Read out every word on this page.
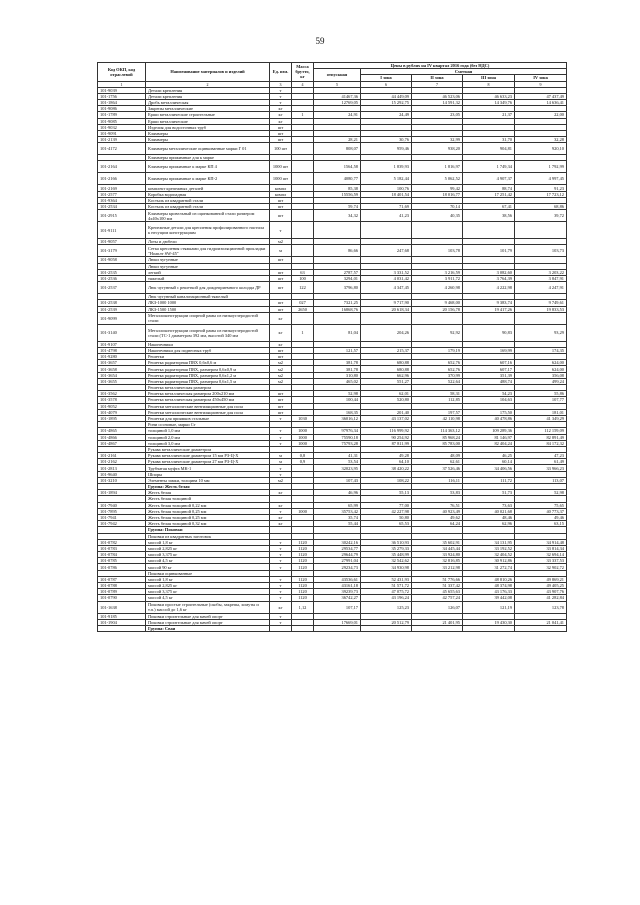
59
Код ОКП, код отраслевой	Наименование материалов и изделий	Ед. изм.	Масса брутто, кг	Цены в рублях на IV квартал 2016 года (без НДС)				
				отпускная	Сметная			
					I зона	II зона	III зона	IV зона
1	2	3	4	5	6	7	8	9
101-9039	Детали крепления	т						
101-1756	Детали крепления	т		41467,36	44 449,09	46 523,06	46 633,23	47 437,49
101-1864	Дробь металлическая	т		12769,05	15 292,75	14 591,32	14 349,76	14 636,41
101-9086	Закрепы металлические	кг						
101-1789	Ерши металлические строительные	кг	1	24,91	24,49	23,05	21,37	22,00
101-9085	Ерши металлические	кг						
101-9032	Изделия для водосточных труб	шт						
101-9091	Кляммеры	шт						
101-2139	Кляммеры	шт		28,21	30,76	32,99	31,70	32,28
101-4172	Кляммеры металлические оцинкованные марки Г 01	100 шт		808,07	959,46	938,20	904,81	920,10
	Кляммеры прижимные для к марке							
101-2164	Кляммеры прижимные к марке КП 4	1000 шт		1564,58	1 839,93	1 816,97	1 749,34	1 792,99
101-2166	Кляммеры прижимные к марке КП-2	1000 шт		4080,77	5 182,44	5 062,52	4 907,37	4 997,45
101-2169	комплект крепежных деталей	компл		85,38	100,76	99,42	88,74	91,23
101-2577	Коробка водопадная	компл		15556,59	18 401,54	18 016,77	17 251,42	17 723,12
101-9364	Костыль из квадратной стали	шт						
101-2534	Костыль из квадратной стали	шт		59,74	71,69	70,14	67,41	68,86
101-2915	Кляммеры кровельный из оцинкованной стали размером 4x40x100 мм	шт		34,32	41,23	40,35	38,56	39,72
101-9111	Крепежные детали для крепления профилированного настила к несущим конструкциям	т						
101-9057	Лоты и дюбели	м2						
101-3179	Сетка крепления стяжками для гидроизоляционной прокладки "Ноаплт SW-45"	м		86,66	247,68	103,78	101,79	103,73
101-9058	Люки чугунные	шт						
	Люки чугунные							
101-2535	легкий	шт	63	2787,57	3 331,52	3 216,59	3 082,60	3 203,22
101-2536	тяжелый	шт	100	3294,01	4 031,42	3 911,72	3 764,39	3 847,91
101-2537	Люк чугунный с решеткой для дождеприемного колодца ДР	шт	122	3796,80	4 347,45	4 260,98	4 222,98	4 247,91
	Люк чугунный канализационный тяжелый							
101-2538	ЛКЗ-1000 1000	шт	027	7321,25	9 717,90	9 468,00	9 383,74	9 749,61
101-2539	ЛКЗ-1500 1500	шт	2650	16868,76	20 618,34	20 156,78	19 417,26	19 833,53
101-9099	Металлоконструкции опорной рамы из низкоуглеродистой стали	кг						
101-3140	Металлоконструкции опорной рамы из низкоуглеродистой стали (ТС-1 диаметром 392 мм, высотой 340 мм	кг	1	81,04	204,26	92,92	90,83	93,29
101-9107	Наконечники	кг						
101-4798	Наконечники для подвесных труб	шт		121,57	215,37	179,19	169,99	174,35
101-9280	Решетки	шт						
101-3657	Решетка радиаторная ПВХ 0,6х0,6 м	м2		381,78	680,88	652,76	607,16	624,00
101-3658	Решетка радиаторная ПВХ, размером 0,6х0,9 м	м2		381,78	680,88	652,76	607,17	624,00
101-3654	Решетка радиаторная ПВХ, размером 0,6х1,2 м	м2		310,80	662,96	370,99	351,39	356,08
101-3655	Решетка радиаторная ПВХ, размером 0,6х1,5 м	м2		465,02	551,27	522,64	488,74	499,24
	Решетка металлическая размером							
101-3562	Решетка металлическая размером 200x210 мм	шт		52,98	62,01	58,31	54,23	55,86
101-3578	Решетка металлическая размером 450х450 мм	шт		100,44	520,80	112,85	104,63	107,77
101-9052	Решетки металлические вентиляционные для пола	шт						
101-4079	Решетки металлические вентиляционные для пола	шт		168,35	201,40	197,57	175,50	181,01
101-1895	Решетки для приямков стальные	т	1030	36016,12	43 137,02	42 110,98	40 478,86	41 349,29
	Рони сосновые, марки Ст							
101-4865	толщиной 1,0 мм	т	1000	97976,34	116 999,92	114 363,12	109 289,36	112 159,09
101-4866	толщиной 2,0 мм	т	1000	75590,18	90 254,92	85 968,24	81 146,97	82 891,49
101-4867	толщиной 3,0 мм	т	1000	75793,28	87 811,99	85 783,00	82 404,24	84 172,32
	Рукава металлические диаметром							
101-2161	Рукава металлические диаметром 15 мм РЗ-Ц-Х	м	0,8	41,31	49,28	48,09	46,25	47,23
101-2162	Рукава металлические диаметром 27 мм РЗ-Ц-Х	м	0,9	53,54	64,10	62,61	60,14	61,49
101-2813	Трубчатая муфта МК-1	т		32023,95	38 420,22	37 526,46	34 406,56	33 966,23
101-9640	Шпоры	т						
101-3210	Элементы замки, толщина 10 мм	м2		107,43	108,22	116,11	111,72	113,07
	Группа: Жесть белая							
101-1894	Жесть белая	кг		46,96	55,13	53,83	51,73	52,98
	Жесть белая толщиной							
101-7940	Жесть белая толщиной 0,22 мм	кг		65,99	77,00	76,51	73,63	75,65
101-7895	Жесть белая толщиной 0,25 мм	т	1000	35753,42	42 227,98	40 923,49	40 021,68	40 773,37
101-7941	Жесть белая толщиной 0,25 мм	кг		35,74	50,80	49,62	48,46	49,46
101-7942	Жесть белая толщиной 0,32 мм	кг		55,44	65,53	64,24	62,96	63,15
	Группа: Поковки							
	Поковки из квадратных заготовок							
101-0782	массой 1,8 кг	т	1120	30242,16	36 510,93	35 602,91	34 131,95	34 914,48
101-0783	массой 2,825 кг	т	1120	29534,77	35 279,33	34 445,44	33 192,52	33 814,34
101-0784	массой 3,375 кг	т	1120	29644,79	35 448,99	33 924,80	32 404,52	32 694,14
101-0785	массой 4,5 кг	т	1120	27991,04	32 542,62	32 816,85	30 912,86	33 337,53
101-0786	массой 90 кг	т	1120	29234,73	34 930,98	33 212,98	31 272,74	32 902,72
	Поковки оцинкованные							
101-0787	массой 1,8 кг	т	1120	43536,61	52 431,93	51 776,66	48 810,26	49 869,21
101-0788	массой 2,825 кг	т	1120	43161,18	51 571,72	51 337,42	48 374,98	49 405,25
101-0789	массой 3,375 кг	т	1120	39239,73	47 075,72	45 655,63	43 176,33	43 907,76
101-0790	массой 4,5 кг	т	1120	36742,27	43 196,24	42 757,24	39 442,08	41 282,84
101-1638	Поковки простые строительные (скобы, закрепы, хомуты и т.п.) массой до 1,6 кг	кг	1,12	107,17	125,23	126,07	121,19	123,78
101-9185	Поковки строительные для мачей опорт	т						
101-1904	Поковки строительные для мачей опорт	т		17669,01	20 512,79	21 401,95	19 430,30	21 041,41
	Группа: Сваи							
